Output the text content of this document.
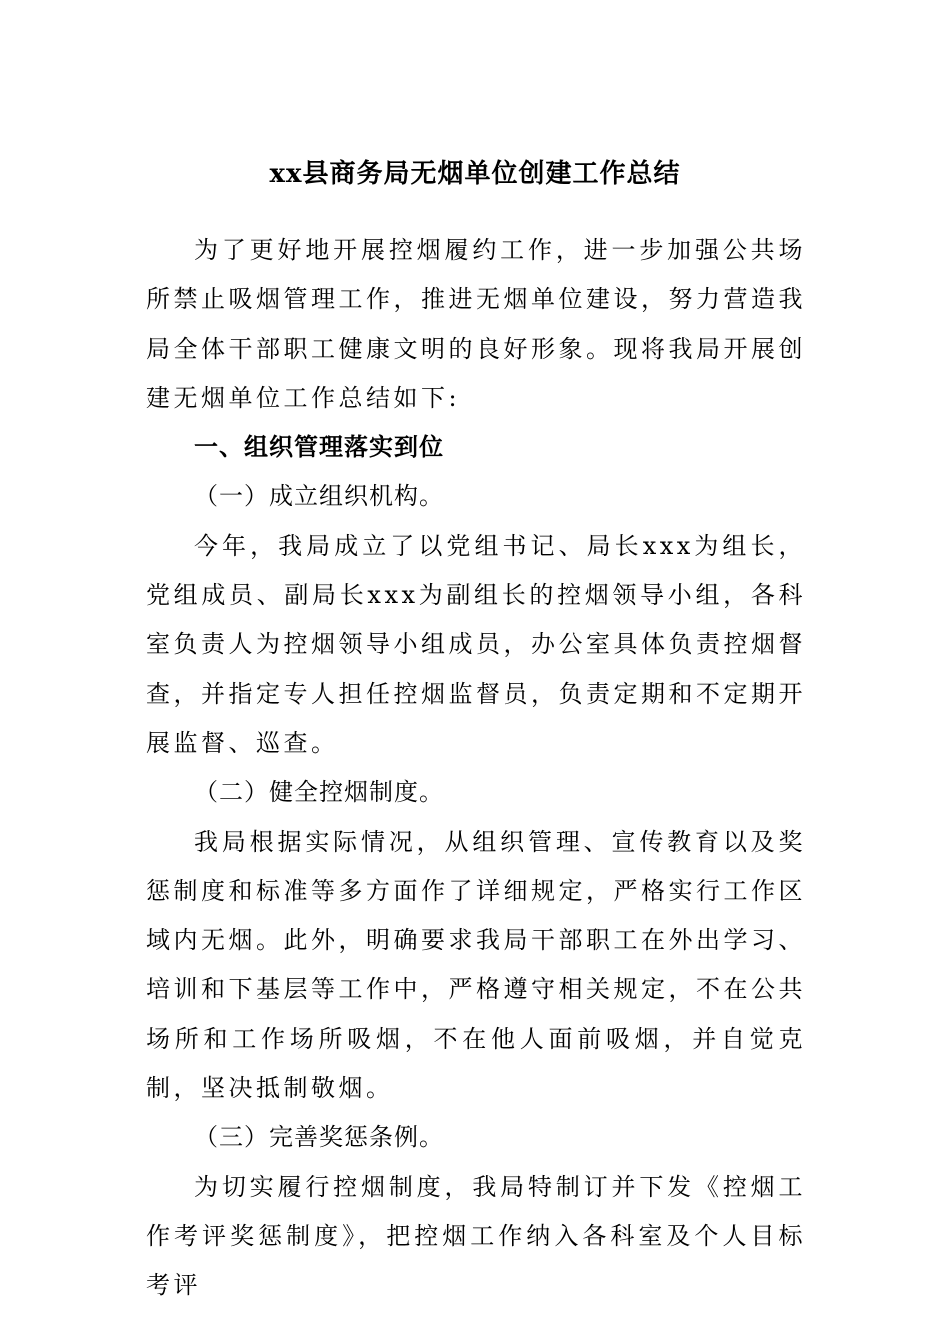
xx县商务局无烟单位创建工作总结

为了更好地开展控烟履约工作，进一步加强公共场所禁止吸烟管理工作，推进无烟单位建设，努力营造我局全体干部职工健康文明的良好形象。现将我局开展创建无烟单位工作总结如下:

一、组织管理落实到位

（一）成立组织机构。

今年，我局成立了以党组书记、局长xxx为组长，党组成员、副局长xxx为副组长的控烟领导小组，各科室负责人为控烟领导小组成员，办公室具体负责控烟督查，并指定专人担任控烟监督员，负责定期和不定期开展监督、巡查。

（二）健全控烟制度。

我局根据实际情况，从组织管理、宣传教育以及奖惩制度和标准等多方面作了详细规定，严格实行工作区域内无烟。此外，明确要求我局干部职工在外出学习、培训和下基层等工作中，严格遵守相关规定，不在公共场所和工作场所吸烟，不在他人面前吸烟，并自觉克制，坚决抵制敬烟。

（三）完善奖惩条例。

为切实履行控烟制度，我局特制订并下发《控烟工作考评奖惩制度》，把控烟工作纳入各科室及个人目标考评
